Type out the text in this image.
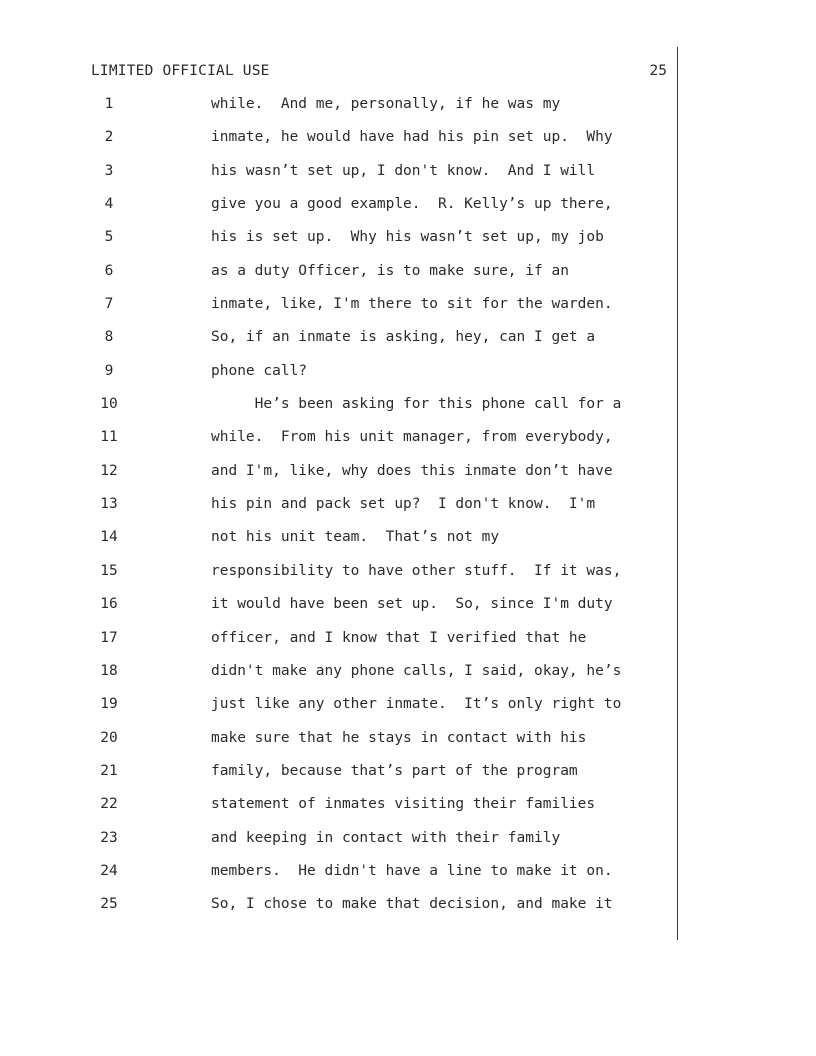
LIMITED OFFICIAL USE	25
1	while.  And me, personally, if he was my
2	inmate, he would have had his pin set up.  Why
3	his wasn’t set up, I don't know.  And I will
4	give you a good example.  R. Kelly’s up there,
5	his is set up.  Why his wasn’t set up, my job
6	as a duty Officer, is to make sure, if an
7	inmate, like, I'm there to sit for the warden.
8	So, if an inmate is asking, hey, can I get a
9	phone call?
10	He’s been asking for this phone call for a
11	while.  From his unit manager, from everybody,
12	and I'm, like, why does this inmate don’t have
13	his pin and pack set up?  I don't know.  I'm
14	not his unit team.  That’s not my
15	responsibility to have other stuff.  If it was,
16	it would have been set up.  So, since I'm duty
17	officer, and I know that I verified that he
18	didn't make any phone calls, I said, okay, he’s
19	just like any other inmate.  It’s only right to
20	make sure that he stays in contact with his
21	family, because that’s part of the program
22	statement of inmates visiting their families
23	and keeping in contact with their family
24	members.  He didn't have a line to make it on.
25	So, I chose to make that decision, and make it
